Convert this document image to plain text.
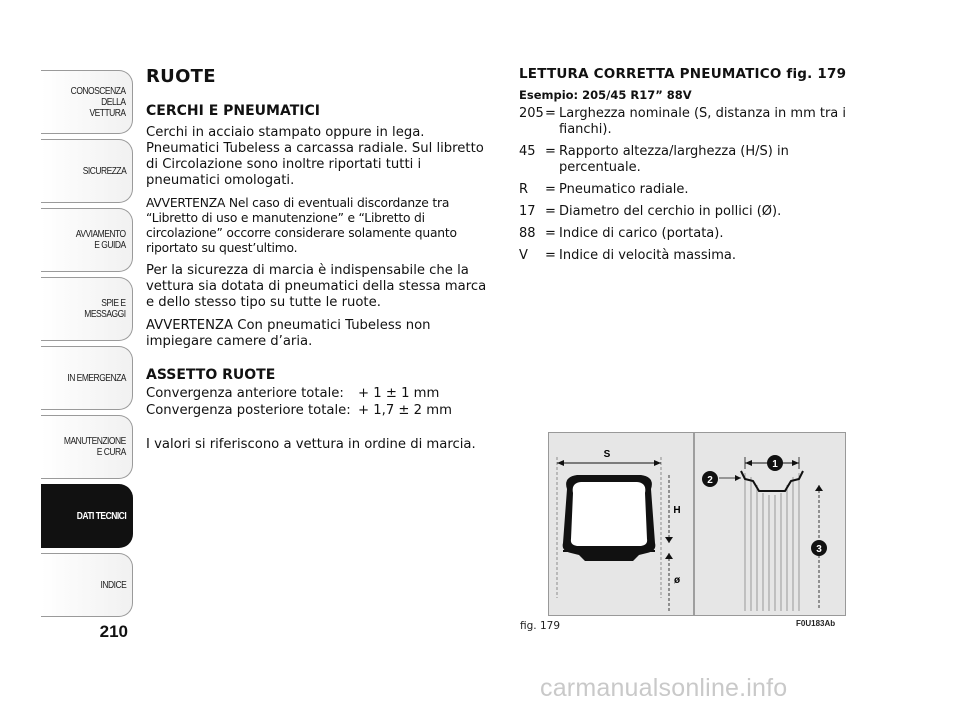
CONOSCENZA
DELLA
VETTURA
SICUREZZA
AVVIAMENTO
E GUIDA
SPIE E
MESSAGGI
IN EMERGENZA
MANUTENZIONE
E CURA
DATI TECNICI
INDICE
210
RUOTE
CERCHI E PNEUMATICI

Cerchi in acciaio stampato oppure in lega. Pneumatici Tubeless a carcassa radiale. Sul libretto di Circolazione sono inoltre riportati tutti i pneumatici omologati.

AVVERTENZA Nel caso di eventuali discordanze tra “Libretto di uso e manutenzione” e “Libretto di circolazione” occorre considerare solamente quanto riportato su quest’ultimo.

Per la sicurezza di marcia è indispensabile che la vettura sia dotata di pneumatici della stessa marca e dello stesso tipo su tutte le ruote.

AVVERTENZA Con pneumatici Tubeless non impiegare camere d’aria.

ASSETTO RUOTE
Convergenza anteriore totale:	+ 1 ± 1 mm
Convergenza posteriore totale: + 1,7 ± 2 mm

I valori si riferiscono a vettura in ordine di marcia.

LETTURA CORRETTA PNEUMATICO fig. 179
Esempio: 205/45 R17” 88V
205 = Larghezza nominale (S, distanza in mm tra i fianchi).
45 = Rapporto altezza/larghezza (H/S) in percentuale.
R	= Pneumatico radiale.
17 = Diametro del cerchio in pollici (Ø).
88 = Indice di carico (portata).
V	= Indice di velocità massima.
S
H
ø
1
2
3
fig. 179	F0U183Ab
carmanualsonline.info
